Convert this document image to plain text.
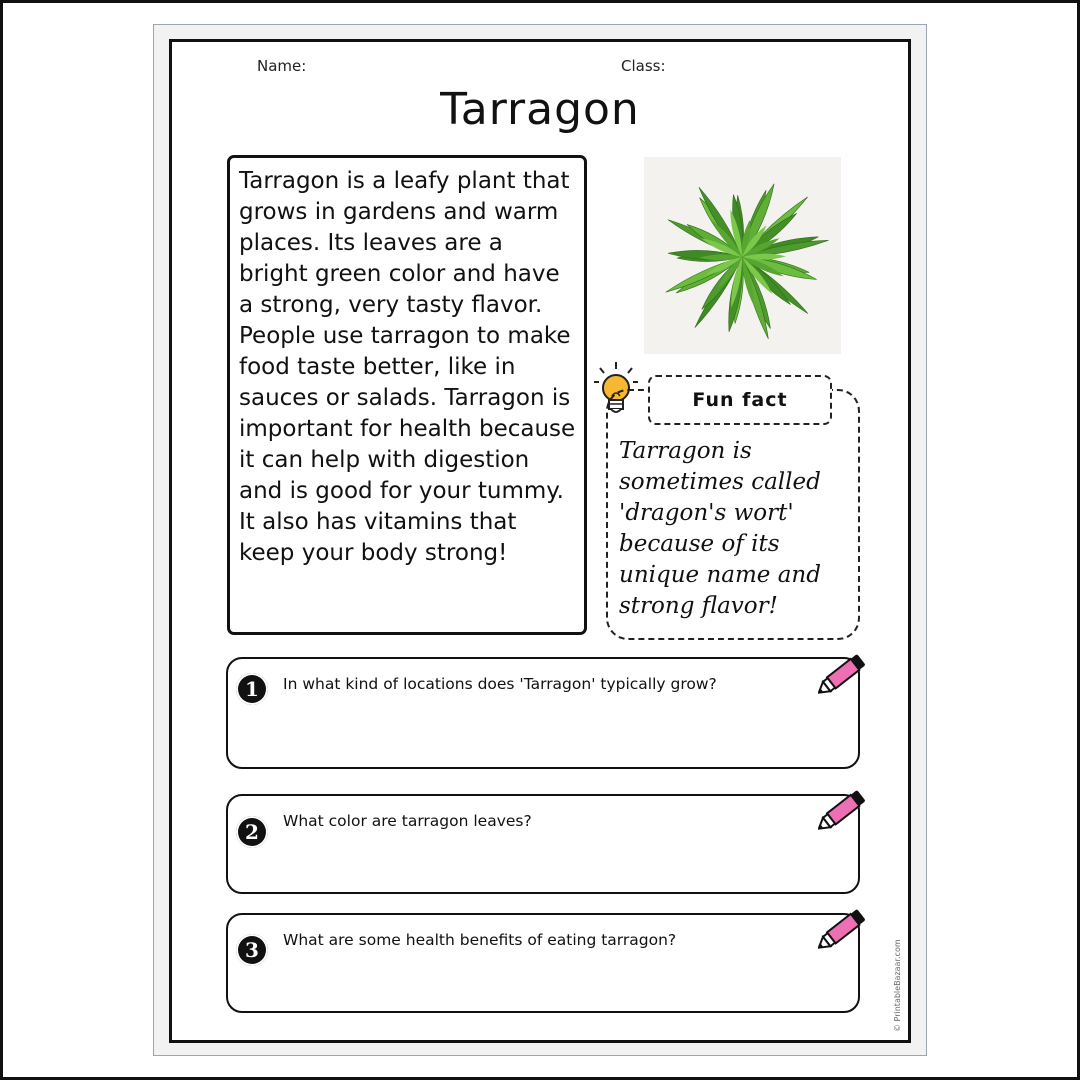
Name:	Class:
Tarragon
Tarragon is a leafy plant that grows in gardens and warm places. Its leaves are a bright green color and have a strong, very tasty flavor. People use tarragon to make food taste better, like in sauces or salads. Tarragon is important for health because it can help with digestion and is good for your tummy. It also has vitamins that keep your body strong!
Fun fact
Tarragon is sometimes called 'dragon's wort' because of its unique name and strong flavor!
1	In what kind of locations does 'Tarragon' typically grow?
2	What color are tarragon leaves?
3	What are some health benefits of eating tarragon?	© PrintableBazaar.com
